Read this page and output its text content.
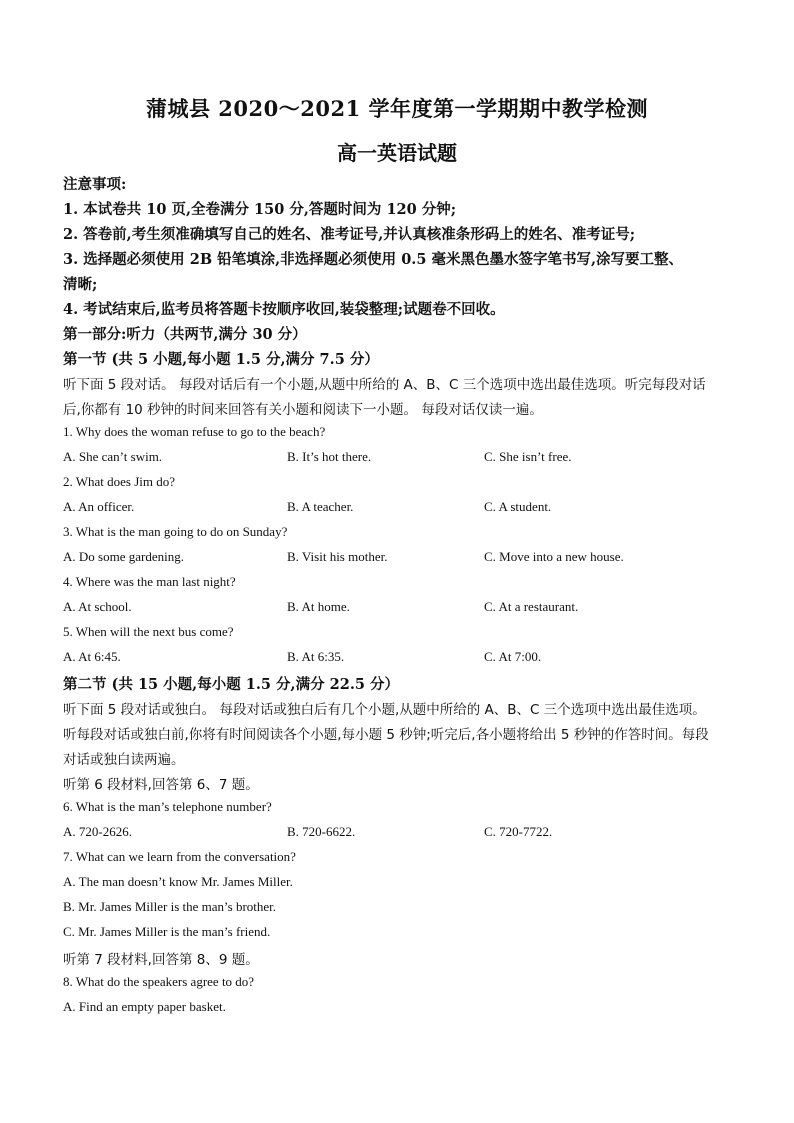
蒲城县 2020～2021 学年度第一学期期中教学检测
高一英语试题
注意事项:
1. 本试卷共 10 页,全卷满分 150 分,答题时间为 120 分钟;
2. 答卷前,考生须准确填写自己的姓名、准考证号,并认真核准条形码上的姓名、准考证号;
3. 选择题必须使用 2B 铅笔填涂,非选择题必须使用 0.5 毫米黑色墨水签字笔书写,涂写要工整、
清晰;
4. 考试结束后,监考员将答题卡按顺序收回,装袋整理;试题卷不回收。
第一部分:听力（共两节,满分 30 分）
第一节 (共 5 小题,每小题 1.5 分,满分 7.5 分）
听下面 5 段对话。 每段对话后有一个小题,从题中所给的 A、B、C 三个选项中选出最佳选项。听完每段对话
后,你都有 10 秒钟的时间来回答有关小题和阅读下一小题。 每段对话仅读一遍。
1. Why does the woman refuse to go to the beach?
A. She can’t swim.	B. It’s hot there.	C. She isn’t free.
2. What does Jim do?
A. An officer.	B. A teacher.	C. A student.
3. What is the man going to do on Sunday?
A. Do some gardening.	B. Visit his mother.	C. Move into a new house.
4. Where was the man last night?
A. At school.	B. At home.	C. At a restaurant.
5. When will the next bus come?
A. At 6:45.	B. At 6:35.	C. At 7:00.
第二节 (共 15 小题,每小题 1.5 分,满分 22.5 分）
听下面 5 段对话或独白。 每段对话或独白后有几个小题,从题中所给的 A、B、C 三个选项中选出最佳选项。
听每段对话或独白前,你将有时间阅读各个小题,每小题 5 秒钟;听完后,各小题将给出 5 秒钟的作答时间。每段
对话或独白读两遍。
听第 6 段材料,回答第 6、7 题。
6. What is the man’s telephone number?
A. 720-2626.	B. 720-6622.	C. 720-7722.
7. What can we learn from the conversation?
A. The man doesn’t know Mr. James Miller.
B. Mr. James Miller is the man’s brother.
C. Mr. James Miller is the man’s friend.
听第 7 段材料,回答第 8、9 题。
8. What do the speakers agree to do?
A. Find an empty paper basket.
